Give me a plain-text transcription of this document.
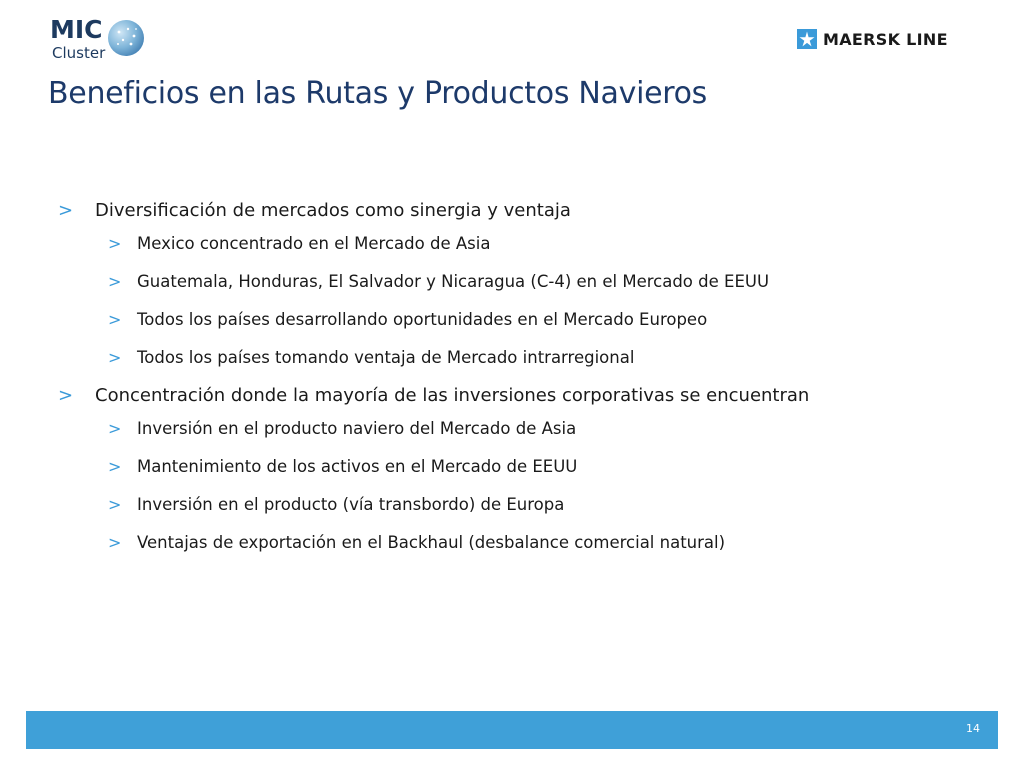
MIC
Cluster
MAERSK LINE
Beneficios en las Rutas y Productos Navieros
> Diversificación de mercados como sinergia y ventaja
> Mexico concentrado en el Mercado de Asia
> Guatemala, Honduras, El Salvador y Nicaragua (C-4) en el Mercado de EEUU
> Todos los países desarrollando oportunidades en el Mercado Europeo
> Todos los países tomando ventaja de Mercado intrarregional
> Concentración donde la mayoría de las inversiones corporativas se encuentran
> Inversión en el producto naviero del Mercado de Asia
> Mantenimiento de los activos en el Mercado de EEUU
> Inversión en el producto (vía transbordo) de Europa
> Ventajas de exportación en el Backhaul (desbalance comercial natural)
14
